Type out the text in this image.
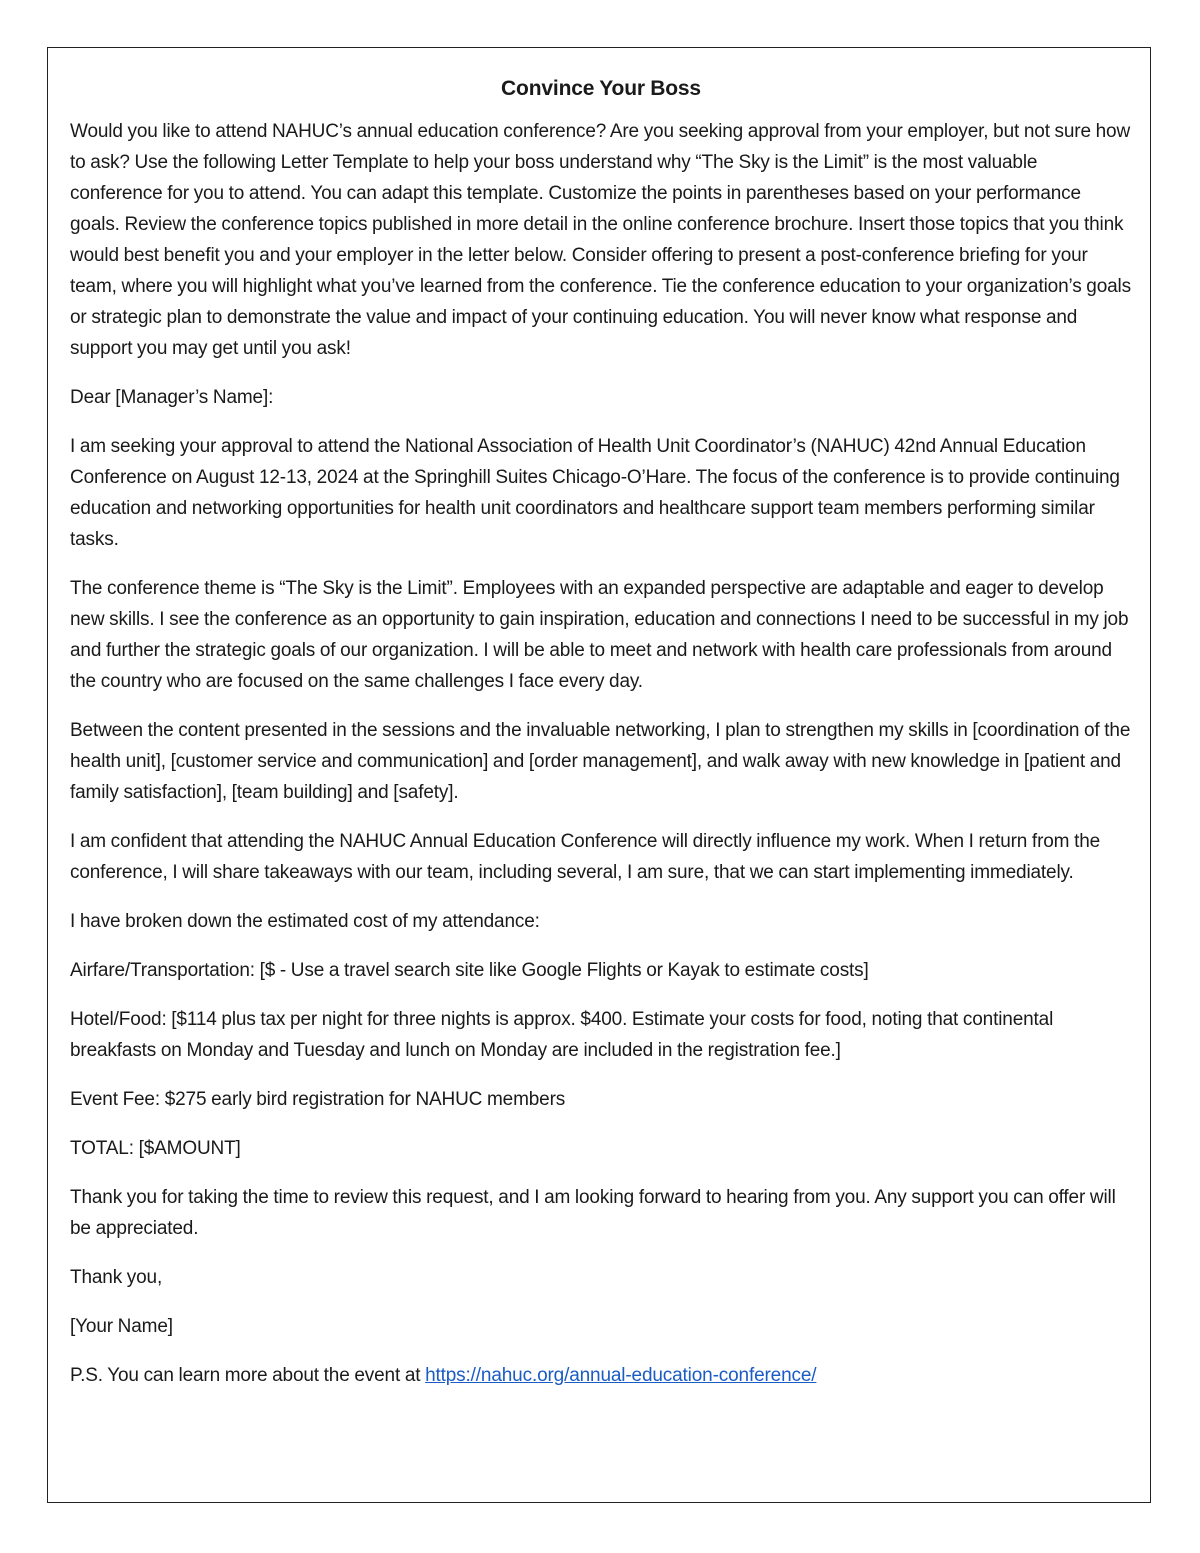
Convince Your Boss

Would you like to attend NAHUC’s annual education conference? Are you seeking approval from your employer, but not sure how to ask? Use the following Letter Template to help your boss understand why “The Sky is the Limit” is the most valuable conference for you to attend. You can adapt this template. Customize the points in parentheses based on your performance goals. Review the conference topics published in more detail in the online conference brochure. Insert those topics that you think would best benefit you and your employer in the letter below. Consider offering to present a post-conference briefing for your team, where you will highlight what you’ve learned from the conference. Tie the conference education to your organization’s goals or strategic plan to demonstrate the value and impact of your continuing education. You will never know what response and support you may get until you ask!

Dear [Manager’s Name]:

I am seeking your approval to attend the National Association of Health Unit Coordinator’s (NAHUC) 42nd Annual Education Conference on August 12-13, 2024 at the Springhill Suites Chicago-O’Hare. The focus of the conference is to provide continuing education and networking opportunities for health unit coordinators and healthcare support team members performing similar tasks.

The conference theme is “The Sky is the Limit”. Employees with an expanded perspective are adaptable and eager to develop new skills. I see the conference as an opportunity to gain inspiration, education and connections I need to be successful in my job and further the strategic goals of our organization. I will be able to meet and network with health care professionals from around the country who are focused on the same challenges I face every day.

Between the content presented in the sessions and the invaluable networking, I plan to strengthen my skills in [coordination of the health unit], [customer service and communication] and [order management], and walk away with new knowledge in [patient and family satisfaction], [team building] and [safety].

I am confident that attending the NAHUC Annual Education Conference will directly influence my work. When I return from the conference, I will share takeaways with our team, including several, I am sure, that we can start implementing immediately.

I have broken down the estimated cost of my attendance:

Airfare/Transportation: [$ - Use a travel search site like Google Flights or Kayak to estimate costs]

Hotel/Food: [$114 plus tax per night for three nights is approx. $400. Estimate your costs for food, noting that continental breakfasts on Monday and Tuesday and lunch on Monday are included in the registration fee.]

Event Fee: $275 early bird registration for NAHUC members

TOTAL: [$AMOUNT]

Thank you for taking the time to review this request, and I am looking forward to hearing from you. Any support you can offer will be appreciated.

Thank you,

[Your Name]

P.S. You can learn more about the event at https://nahuc.org/annual-education-conference/
